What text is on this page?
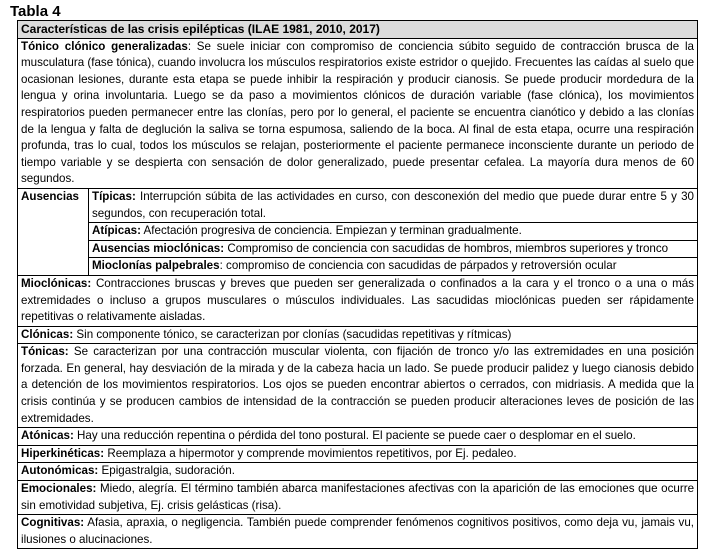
Tabla 4
Características de las crisis epilépticas (ILAE 1981, 2010, 2017)
Tónico clónico generalizadas: Se suele iniciar con compromiso de conciencia súbito seguido de contracción brusca de la musculatura (fase tónica), cuando involucra los músculos respiratorios existe estridor o quejido. Frecuentes las caídas al suelo que ocasionan lesiones, durante esta etapa se puede inhibir la respiración y producir cianosis. Se puede producir mordedura de la lengua y orina involuntaria. Luego se da paso a movimientos clónicos de duración variable (fase clónica), los movimientos respiratorios pueden permanecer entre las clonías, pero por lo general, el paciente se encuentra cianótico y debido a las clonías de la lengua y falta de deglución la saliva se torna espumosa, saliendo de la boca. Al final de esta etapa, ocurre una respiración profunda, tras lo cual, todos los músculos se relajan, posteriormente el paciente permanece inconsciente durante un periodo de tiempo variable y se despierta con sensación de dolor generalizado, puede presentar cefalea. La mayoría dura menos de 60 segundos.
Ausencias	Típicas: Interrupción súbita de las actividades en curso, con desconexión del medio que puede durar entre 5 y 30 segundos, con recuperación total.
Atípicas: Afectación progresiva de conciencia. Empiezan y terminan gradualmente.
Ausencias mioclónicas: Compromiso de conciencia con sacudidas de hombros, miembros superiores y tronco
Mioclonías palpebrales: compromiso de conciencia con sacudidas de párpados y retroversión ocular
Mioclónicas: Contracciones bruscas y breves que pueden ser generalizada o confinados a la cara y el tronco o a una o más extremidades o incluso a grupos musculares o músculos individuales. Las sacudidas mioclónicas pueden ser rápidamente repetitivas o relativamente aisladas.
Clónicas: Sin componente tónico, se caracterizan por clonías (sacudidas repetitivas y rítmicas)
Tónicas: Se caracterizan por una contracción muscular violenta, con fijación de tronco y/o las extremidades en una posición forzada. En general, hay desviación de la mirada y de la cabeza hacia un lado. Se puede producir palidez y luego cianosis debido a detención de los movimientos respiratorios. Los ojos se pueden encontrar abiertos o cerrados, con midriasis. A medida que la crisis continúa y se producen cambios de intensidad de la contracción se pueden producir alteraciones leves de posición de las extremidades.
Atónicas: Hay una reducción repentina o pérdida del tono postural. El paciente se puede caer o desplomar en el suelo.
Hiperkinéticas: Reemplaza a hipermotor y comprende movimientos repetitivos, por Ej. pedaleo.
Autonómicas: Epigastralgia, sudoración.
Emocionales: Miedo, alegría. El término también abarca manifestaciones afectivas con la aparición de las emociones que ocurre sin emotividad subjetiva, Ej. crisis gelásticas (risa).
Cognitivas: Afasia, apraxia, o negligencia. También puede comprender fenómenos cognitivos positivos, como deja vu, jamais vu, ilusiones o alucinaciones.
